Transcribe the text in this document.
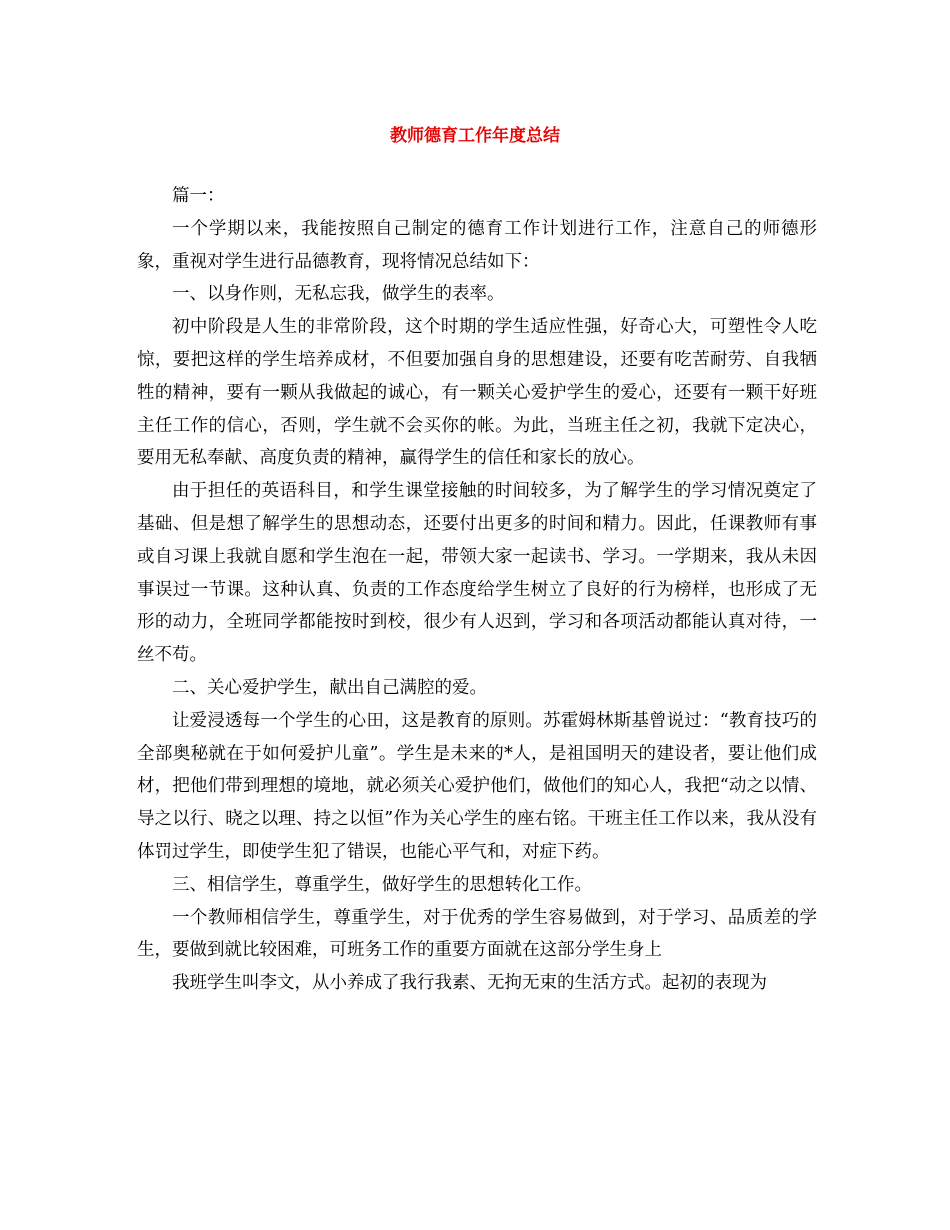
教师德育工作年度总结

篇一：

一个学期以来，我能按照自己制定的德育工作计划进行工作，注意自己的师德形象，重视对学生进行品德教育，现将情况总结如下：

一、以身作则，无私忘我，做学生的表率。

初中阶段是人生的非常阶段，这个时期的学生适应性强，好奇心大，可塑性令人吃惊，要把这样的学生培养成材，不但要加强自身的思想建设，还要有吃苦耐劳、自我牺牲的精神，要有一颗从我做起的诚心，有一颗关心爱护学生的爱心，还要有一颗干好班主任工作的信心，否则，学生就不会买你的帐。为此，当班主任之初，我就下定决心，要用无私奉献、高度负责的精神，赢得学生的信任和家长的放心。

由于担任的英语科目，和学生课堂接触的时间较多，为了解学生的学习情况奠定了基础、但是想了解学生的思想动态，还要付出更多的时间和精力。因此，任课教师有事或自习课上我就自愿和学生泡在一起，带领大家一起读书、学习。一学期来，我从未因事误过一节课。这种认真、负责的工作态度给学生树立了良好的行为榜样，也形成了无形的动力，全班同学都能按时到校，很少有人迟到，学习和各项活动都能认真对待，一丝不苟。

二、关心爱护学生，献出自己满腔的爱。

让爱浸透每一个学生的心田，这是教育的原则。苏霍姆林斯基曾说过：“教育技巧的全部奥秘就在于如何爱护儿童”。学生是未来的*人，是祖国明天的建设者，要让他们成材，把他们带到理想的境地，就必须关心爱护他们，做他们的知心人，我把“动之以情、导之以行、晓之以理、持之以恒”作为关心学生的座右铭。干班主任工作以来，我从没有体罚过学生，即使学生犯了错误，也能心平气和，对症下药。

三、相信学生，尊重学生，做好学生的思想转化工作。

一个教师相信学生，尊重学生，对于优秀的学生容易做到，对于学习、品质差的学生，要做到就比较困难，可班务工作的重要方面就在这部分学生身上

我班学生叫李文，从小养成了我行我素、无拘无束的生活方式。起初的表现为
